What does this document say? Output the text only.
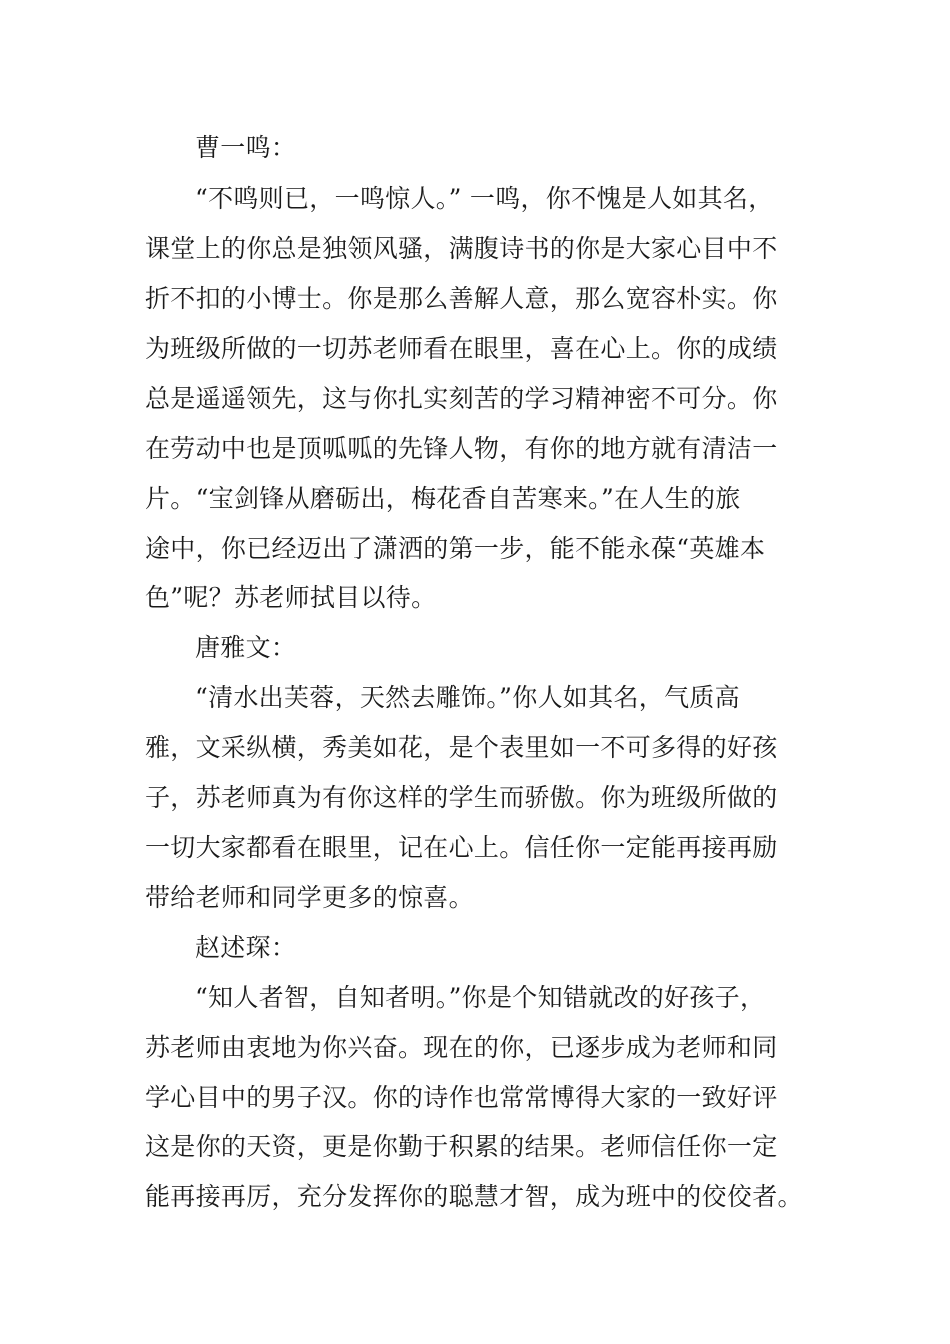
曹一鸣：
“不鸣则已，一鸣惊人。” 一鸣，你不愧是人如其名，
课堂上的你总是独领风骚，满腹诗书的你是大家心目中不
折不扣的小博士。你是那么善解人意，那么宽容朴实。你
为班级所做的一切苏老师看在眼里，喜在心上。你的成绩
总是遥遥领先，这与你扎实刻苦的学习精神密不可分。你
在劳动中也是顶呱呱的先锋人物，有你的地方就有清洁一
片。“宝剑锋从磨砺出，梅花香自苦寒来。”在人生的旅
途中，你已经迈出了潇洒的第一步，能不能永葆“英雄本
色”呢？苏老师拭目以待。
唐雅文：
“清水出芙蓉，天然去雕饰。”你人如其名，气质高
雅，文采纵横，秀美如花，是个表里如一不可多得的好孩
子，苏老师真为有你这样的学生而骄傲。你为班级所做的
一切大家都看在眼里，记在心上。信任你一定能再接再励
带给老师和同学更多的惊喜。
赵述琛：
“知人者智，自知者明。”你是个知错就改的好孩子，
苏老师由衷地为你兴奋。现在的你，已逐步成为老师和同
学心目中的男子汉。你的诗作也常常博得大家的一致好评
这是你的天资，更是你勤于积累的结果。老师信任你一定
能再接再厉，充分发挥你的聪慧才智，成为班中的佼佼者。
